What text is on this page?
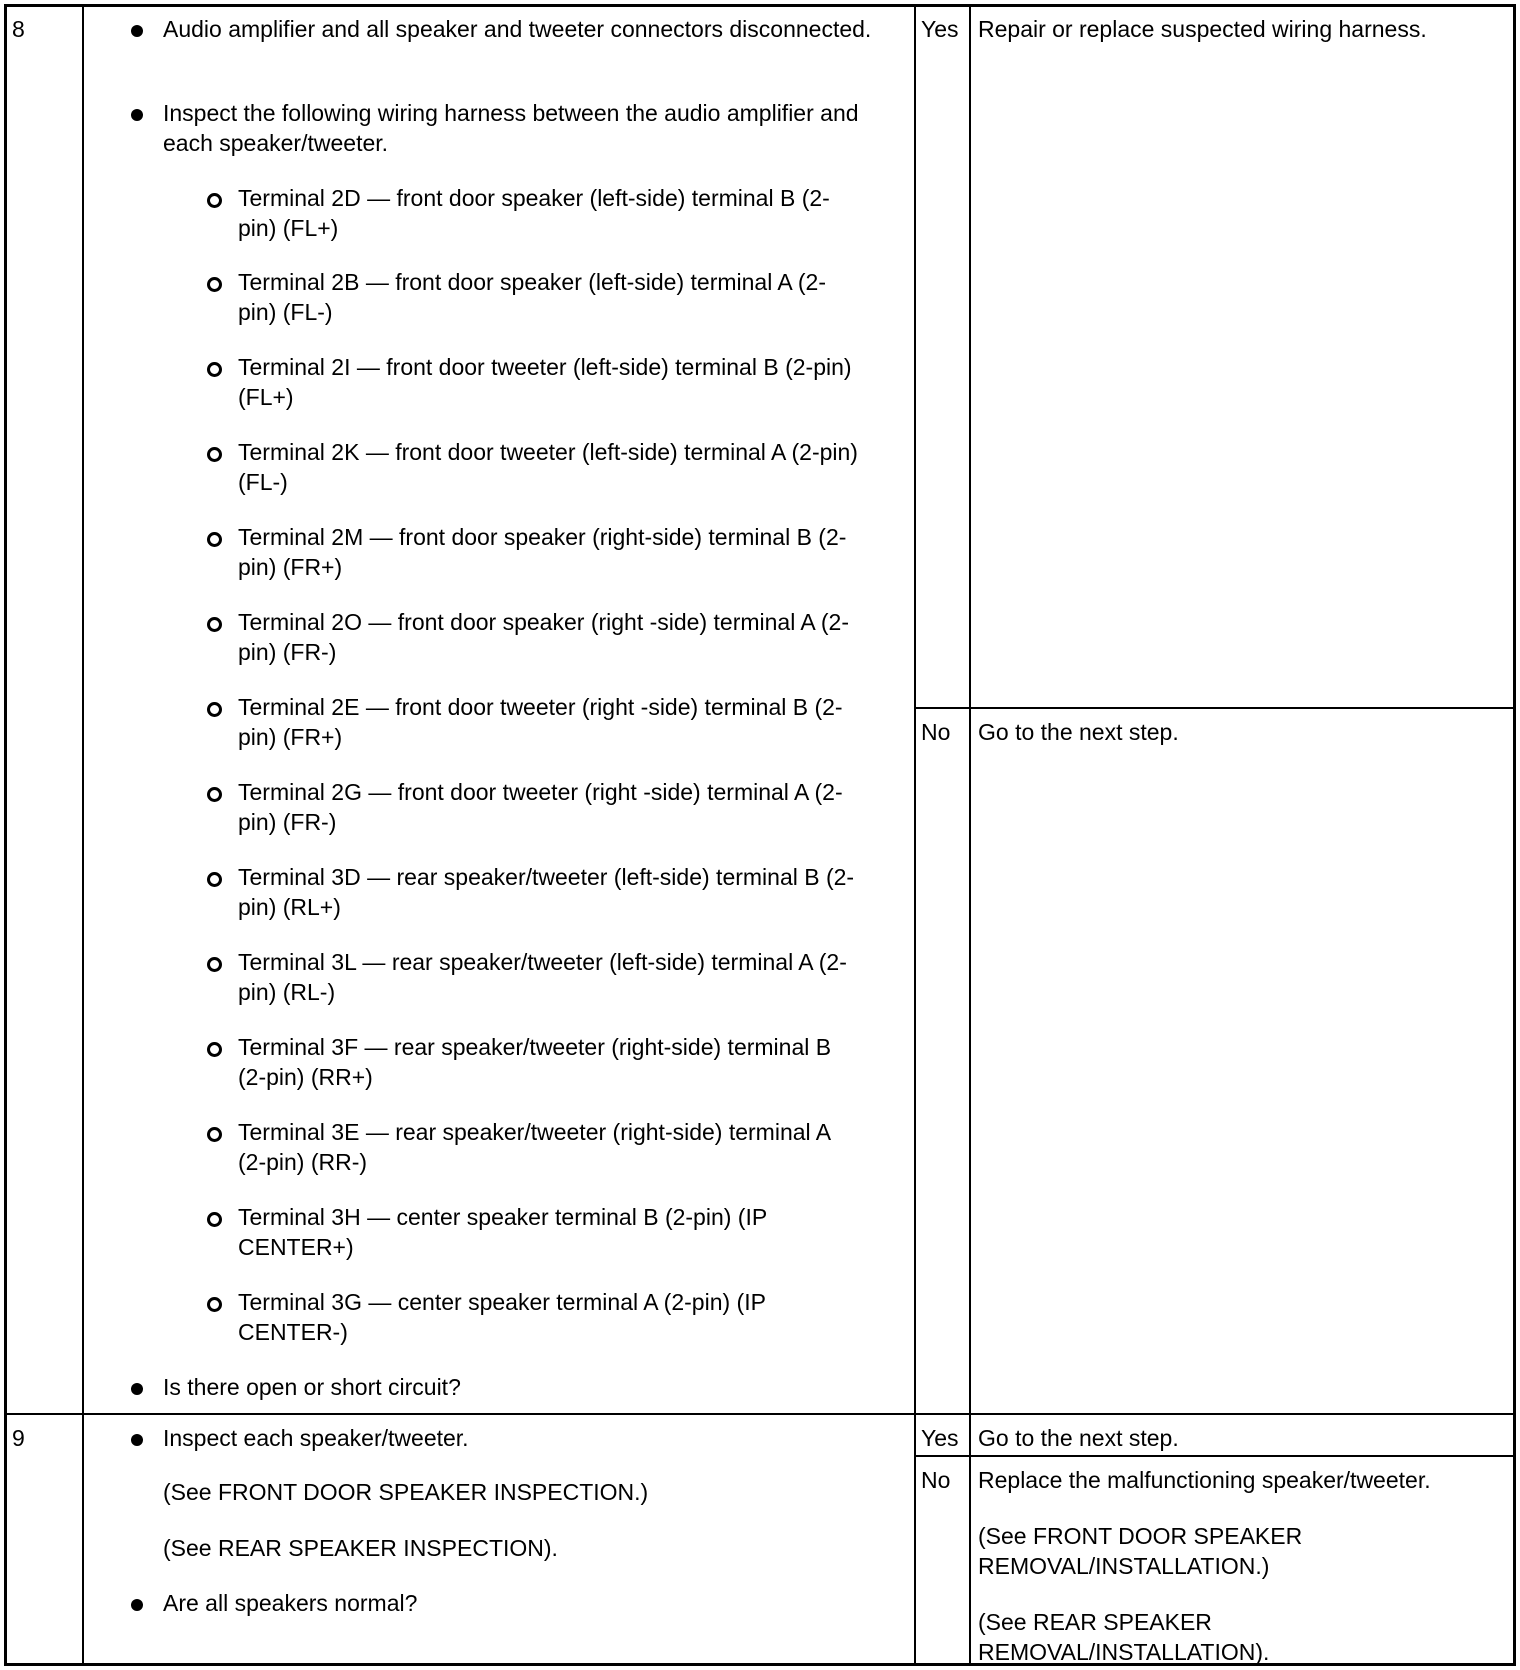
8	Audio amplifier and all speaker and tweeter connectors disconnected.
Inspect the following wiring harness between the audio amplifier and each speaker/tweeter.
Terminal 2D — front door speaker (left-side) terminal B (2-pin) (FL+)
Terminal 2B — front door speaker (left-side) terminal A (2-pin) (FL-)
Terminal 2I — front door tweeter (left-side) terminal B (2-pin) (FL+)
Terminal 2K — front door tweeter (left-side) terminal A (2-pin) (FL-)
Terminal 2M — front door speaker (right-side) terminal B (2-pin) (FR+)
Terminal 2O — front door speaker (right -side) terminal A (2-pin) (FR-)
Terminal 2E — front door tweeter (right -side) terminal B (2-pin) (FR+)
Terminal 2G — front door tweeter (right -side) terminal A (2-pin) (FR-)
Terminal 3D — rear speaker/tweeter (left-side) terminal B (2-pin) (RL+)
Terminal 3L — rear speaker/tweeter (left-side) terminal A (2-pin) (RL-)
Terminal 3F — rear speaker/tweeter (right-side) terminal B (2-pin) (RR+)
Terminal 3E — rear speaker/tweeter (right-side) terminal A (2-pin) (RR-)
Terminal 3H — center speaker terminal B (2-pin) (IP CENTER+)
Terminal 3G — center speaker terminal A (2-pin) (IP CENTER-)
Is there open or short circuit?
Yes Repair or replace suspected wiring harness.
No Go to the next step.
9	Inspect each speaker/tweeter.
(See FRONT DOOR SPEAKER INSPECTION.)
(See REAR SPEAKER INSPECTION).
Are all speakers normal?
Yes Go to the next step.
No Replace the malfunctioning speaker/tweeter.

(See FRONT DOOR SPEAKER REMOVAL/INSTALLATION.)

(See REAR SPEAKER REMOVAL/INSTALLATION).
